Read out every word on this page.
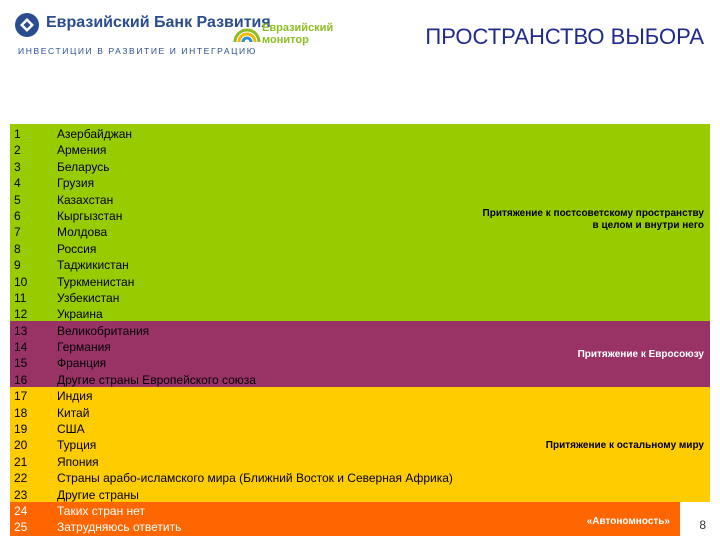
Евразийский Банк Развития
ИНВЕСТИЦИИ В РАЗВИТИЕ И ИНТЕГРАЦИЮ
Евразийский
монитор	ПРОСТРАНСТВО ВЫБОРА
1	Азербайджан
2	Армения
3	Беларусь
4	Грузия
5	Казахстан
6	Кыргызстан
7	Молдова
8	Россия
9	Таджикистан
10	Туркменистан
11	Узбекистан
12	Украина
13	Великобритания
14	Германия
15	Франция
16	Другие страны Европейского союза
17	Индия
18	Китай
19	США
20	Турция
21	Япония
22	Страны арабо-исламского мира (Ближний Восток и Северная Африка)
23	Другие страны
24	Таких стран нет
25	Затрудняюсь ответить
Притяжение к постсоветскому пространству
в целом и внутри него
Притяжение к Евросоюзу
Притяжение к остальному миру
«Автономность» 8
